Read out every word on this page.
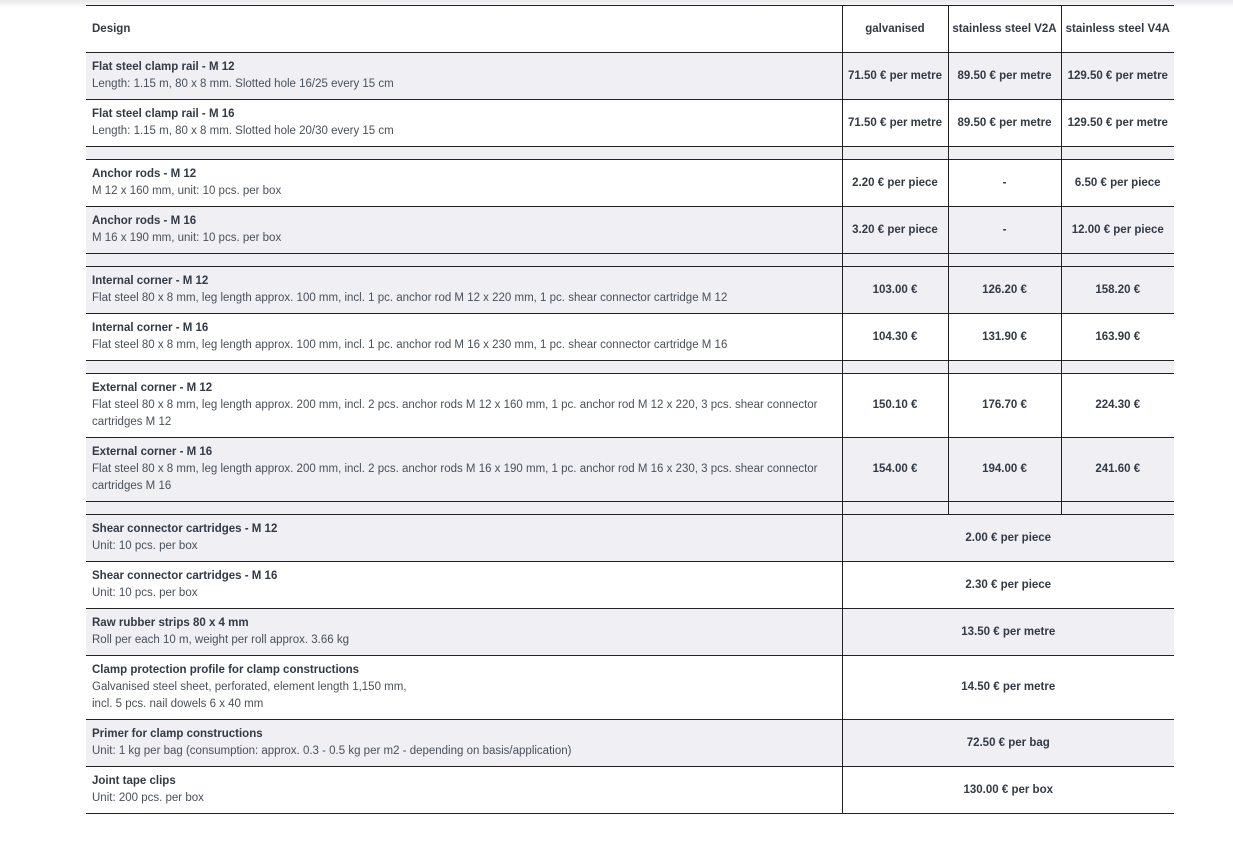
Design	galvanised	stainless steel V2A	stainless steel V4A

Flat steel clamp rail - M 12
Length: 1.15 m, 80 x 8 mm. Slotted hole 16/25 every 15 cm	71.50 € per metre	89.50 € per metre	129.50 € per metre

Flat steel clamp rail - M 16
Length: 1.15 m, 80 x 8 mm. Slotted hole 20/30 every 15 cm	71.50 € per metre	89.50 € per metre	129.50 € per metre

Anchor rods - M 12
M 12 x 160 mm, unit: 10 pcs. per box	2.20 € per piece	-	6.50 € per piece

Anchor rods - M 16
M 16 x 190 mm, unit: 10 pcs. per box	3.20 € per piece	-	12.00 € per piece

Internal corner - M 12
Flat steel 80 x 8 mm, leg length approx. 100 mm, incl. 1 pc. anchor rod M 12 x 220 mm, 1 pc. shear connector cartridge M 12	103.00 €	126.20 €	158.20 €

Internal corner - M 16
Flat steel 80 x 8 mm, leg length approx. 100 mm, incl. 1 pc. anchor rod M 16 x 230 mm, 1 pc. shear connector cartridge M 16	104.30 €	131.90 €	163.90 €

External corner - M 12
Flat steel 80 x 8 mm, leg length approx. 200 mm, incl. 2 pcs. anchor rods M 12 x 160 mm, 1 pc. anchor rod M 12 x 220, 3 pcs. shear connector cartridges M 12	150.10 €	176.70 €	224.30 €

External corner - M 16
Flat steel 80 x 8 mm, leg length approx. 200 mm, incl. 2 pcs. anchor rods M 16 x 190 mm, 1 pc. anchor rod M 16 x 230, 3 pcs. shear connector cartridges M 16	154.00 €	194.00 €	241.60 €

Shear connector cartridges - M 12
Unit: 10 pcs. per box	2.00 € per piece		

Shear connector cartridges - M 16
Unit: 10 pcs. per box	2.30 € per piece		

Raw rubber strips 80 x 4 mm
Roll per each 10 m, weight per roll approx. 3.66 kg	13.50 € per metre		

Clamp protection profile for clamp constructions
Galvanised steel sheet, perforated, element length 1,150 mm,
incl. 5 pcs. nail dowels 6 x 40 mm	14.50 € per metre		

Primer for clamp constructions
Unit: 1 kg per bag (consumption: approx. 0.3 - 0.5 kg per m2 - depending on basis/application)	72.50 € per bag		

Joint tape clips
Unit: 200 pcs. per box	130.00 € per box		
